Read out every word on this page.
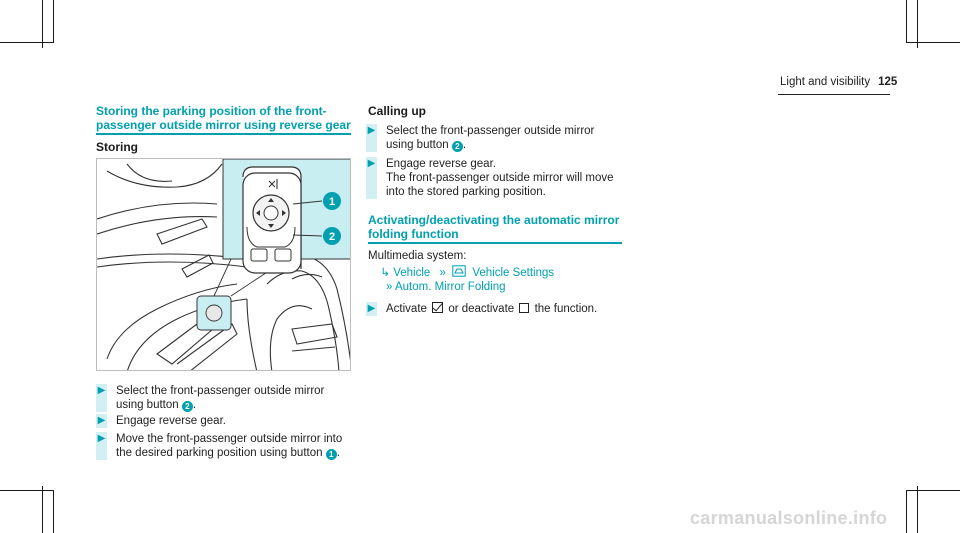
Light and visibility 125
Storing the parking position of the front-
passenger outside mirror using reverse gear
Storing
1
2
▶ Select the front-passenger outside mirror
using button 2 .
▶ Engage reverse gear.
▶ Move the front-passenger outside mirror into
the desired parking position using button 1 .
Calling up
▶ Select the front-passenger outside mirror
using button 2 .
▶ Engage reverse gear.
The front-passenger outside mirror will move
into the stored parking position.
Activating/deactivating the automatic mirror
folding function
Multimedia system:
↳ Vehicle » Vehicle Settings
» Autom. Mirror Folding
▶ Activate or deactivate the function.
carmanualsonline.info
